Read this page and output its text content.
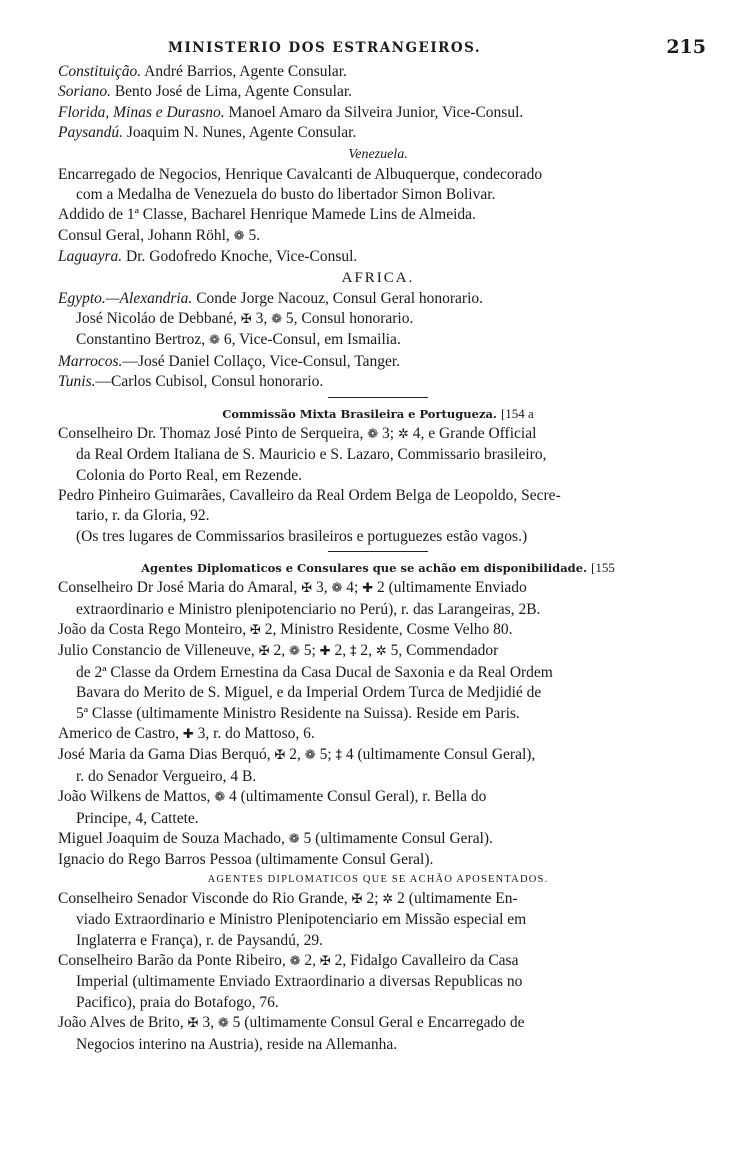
MINISTERIO DOS ESTRANGEIROS.	215
Constituição. André Barrios, Agente Consular.
Soriano. Bento José de Lima, Agente Consular.
Florida, Minas e Durasno. Manoel Amaro da Silveira Junior, Vice-Consul.
Paysandú. Joaquim N. Nunes, Agente Consular.
Venezuela.
Encarregado de Negocios, Henrique Cavalcanti de Albuquerque, condecorado
com a Medalha de Venezuela do busto do libertador Simon Bolivar.
Addido de 1ª Classe, Bacharel Henrique Mamede Lins de Almeida.
Consul Geral, Johann Röhl, ❁ 5.
Laguayra. Dr. Godofredo Knoche, Vice-Consul.
AFRICA.
Egypto.—Alexandria. Conde Jorge Nacouz, Consul Geral honorario.
José Nicoláo de Debbané, ✠ 3, ❁ 5, Consul honorario.
Constantino Bertroz, ❁ 6, Vice-Consul, em Ismailia.
Marrocos.—José Daniel Collaço, Vice-Consul, Tanger.
Tunis.—Carlos Cubisol, Consul honorario.
Commissão Mixta Brasileira e Portugueza. [154 a
Conselheiro Dr. Thomaz José Pinto de Serqueira, ❁ 3; ✲ 4, e Grande Official
da Real Ordem Italiana de S. Mauricio e S. Lazaro, Commissario brasileiro,
Colonia do Porto Real, em Rezende.
Pedro Pinheiro Guimarães, Cavalleiro da Real Ordem Belga de Leopoldo, Secre-
tario, r. da Gloria, 92.
(Os tres lugares de Commissarios brasileiros e portuguezes estão vagos.)
Agentes Diplomaticos e Consulares que se achão em disponibilidade. [155
Conselheiro Dr José Maria do Amaral, ✠ 3, ❁ 4; ✚ 2 (ultimamente Enviado
extraordinario e Ministro plenipotenciario no Perú), r. das Larangeiras, 2B.
João da Costa Rego Monteiro, ✠ 2, Ministro Residente, Cosme Velho 80.
Julio Constancio de Villeneuve, ✠ 2, ❁ 5; ✚ 2, ‡ 2, ✲ 5, Commendador
de 2ª Classe da Ordem Ernestina da Casa Ducal de Saxonia e da Real Ordem
Bavara do Merito de S. Miguel, e da Imperial Ordem Turca de Medjidié de
5ª Classe (ultimamente Ministro Residente na Suissa). Reside em Paris.
Americo de Castro, ✚ 3, r. do Mattoso, 6.
José Maria da Gama Dias Berquó, ✠ 2, ❁ 5; ‡ 4 (ultimamente Consul Geral),
r. do Senador Vergueiro, 4 B.
João Wilkens de Mattos, ❁ 4 (ultimamente Consul Geral), r. Bella do
Principe, 4, Cattete.
Miguel Joaquim de Souza Machado, ❁ 5 (ultimamente Consul Geral).
Ignacio do Rego Barros Pessoa (ultimamente Consul Geral).
AGENTES DIPLOMATICOS QUE SE ACHÃO APOSENTADOS.
Conselheiro Senador Visconde do Rio Grande, ✠ 2; ✲ 2 (ultimamente En-
viado Extraordinario e Ministro Plenipotenciario em Missão especial em
Inglaterra e França), r. de Paysandú, 29.
Conselheiro Barão da Ponte Ribeiro, ❁ 2, ✠ 2, Fidalgo Cavalleiro da Casa
Imperial (ultimamente Enviado Extraordinario a diversas Republicas no
Pacifico), praia do Botafogo, 76.
João Alves de Brito, ✠ 3, ❁ 5 (ultimamente Consul Geral e Encarregado de
Negocios interino na Austria), reside na Allemanha.
